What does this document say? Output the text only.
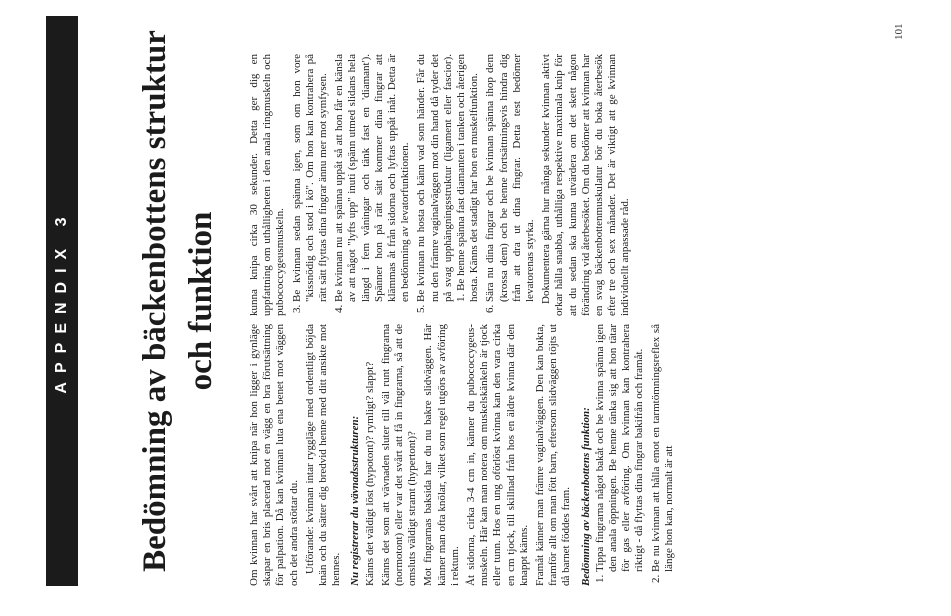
APPENDIX 3 Bedömning av bäckenbottens struktur och funktion
101

Om kvinnan har svårt att knipa när hon ligger i gynläge skapar en bris placerad mot en vägg en bra förutsättning för palpation. Då kan kvinnan luta ena benet mot väggen och det andra stöttar du. Utförande: kvinnan intar ryggläge med ordentligt böjda knän och du sätter dig bredvid henne med ditt ansikte mot hennes. Nu registrerar du vävnadsstrukturen: Känns det väldigt löst (hypotont)? rymligt? slappt? Känns det som att vävnaden sluter till väl runt fingrarna (normotont) eller var det svårt att få in fingrarna, så att de omsluts väldigt stramt (hypertont)? Mot fingrarnas baksida har du nu bakre slidväggen. Här känner man ofta knölar, vilket som regel utgörs av avföring i rektum. Åt sidorna, cirka 3-4 cm in, känner du pubococcygeus-muskeln. Här kan man notera om muskelskänkeln är tjock eller tunn. Hos en ung oförlöst kvinna kan den vara cirka en cm tjock, till skillnad från hos en äldre kvinna där den knappt känns. Framåt känner man främre vaginalväggen. Den kan bukta, framför allt om man fött barn, eftersom slidväggen töjts ut då barnet föddes fram. Bedömning av bäckenbottens funktion: 1. Tippa fingrarna något bakåt och be kvinna spänna igen den anala öppningen. Be henne tänka sig att hon tätar för gas eller avföring. Om kvinnan kan kontrahera riktigt - då flyttas dina fingrar bakifrån och framåt. 2. Be nu kvinnan att hålla emot en tarmtömningsreflex så länge hon kan, normalt är att

kunna knipa cirka 30 sekunder. Detta ger dig en uppfattning om uthålligheten i den anala ringmuskeln och pubococcygeusmuskeln. 3. Be kvinnan sedan spänna igen, som om hon vore "kissnödig och stod i kö". Om hon kan kontrahera på rätt sätt flyttas dina fingrar ännu mer mot symfysen. 4. Be kvinnan nu att spänna uppåt så att hon får en känsla av att något "lyfts upp" inuti (spänn utmed slidans hela längd i fem våningar och tänk fast en 'diamant'). Spänner hon på rätt sätt kommer dina fingrar att klämmas åt från sidorna och lyftas uppåt inåt. Detta är en bedömning av levatorfunktionen. 5. Be kvinnan nu hosta och känn vad som händer. Får du nu den främre vaginalväggen mot din hand då tyder det på svag upphängningsstruktur (ligament eller fascior). 1. Be henne spänna fast diamanten i tanken och återigen hosta. Känns det stadigt har hon en muskelfunktion. 6. Sära nu dina fingrar och be kvinnan spänna ihop dem (krossa dem) och be henne fortsättningsvis hindra dig från att dra ut dina fingrar. Detta test bedömer levatorenas styrka. Dokumentera gärna hur många sekunder kvinnan aktivt orkar hålla snabba, uthålliga respektive maximala knip för att du sedan ska kunna utvärdera om det skett någon förändring vid återbesöket. Om du bedömer att kvinnan har en svag bäckenbottenmuskulatur bör du boka återbesök efter tre och sex månader. Det är viktigt att ge kvinnan individuellt anpassade råd.
